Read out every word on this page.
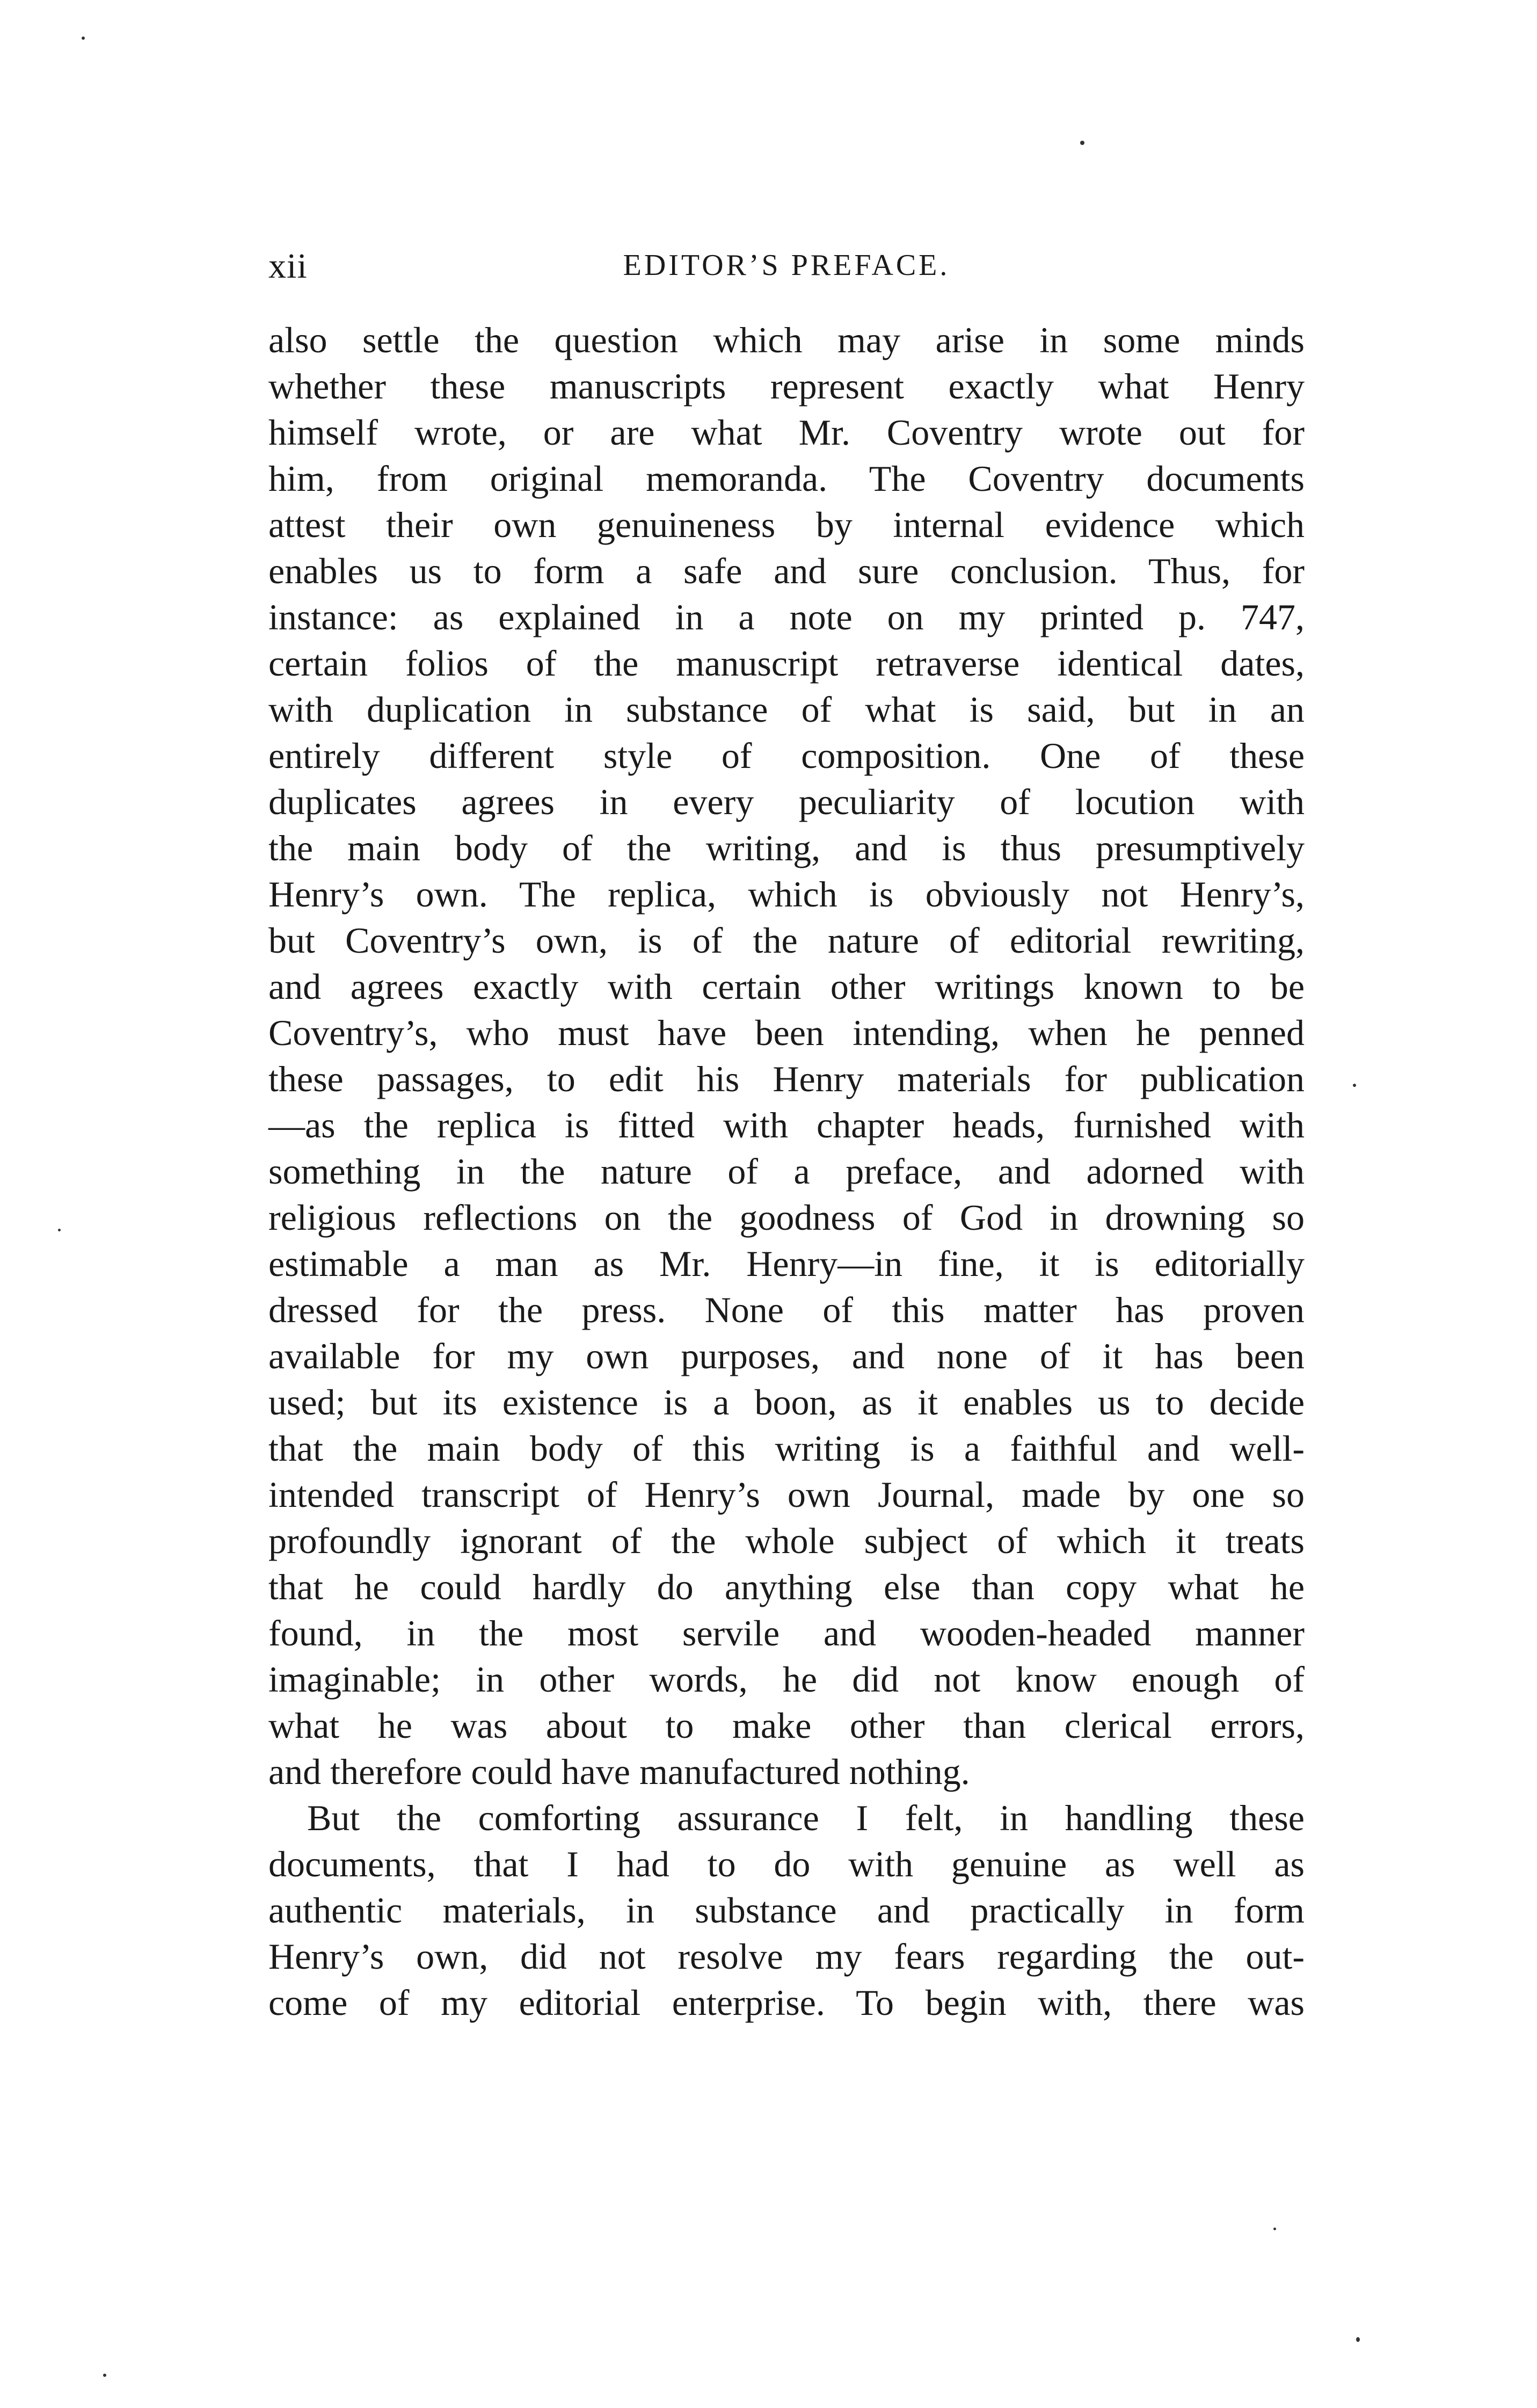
xii	EDITOR’S PREFACE.
also settle the question which may arise in some minds
whether these manuscripts represent exactly what Henry
himself wrote, or are what Mr. Coventry wrote out for
him, from original memoranda. The Coventry documents
attest their own genuineness by internal evidence which
enables us to form a safe and sure conclusion. Thus, for
instance: as explained in a note on my printed p. 747,
certain folios of the manuscript retraverse identical dates,
with duplication in substance of what is said, but in an
entirely different style of composition. One of these
duplicates agrees in every peculiarity of locution with
the main body of the writing, and is thus presumptively
Henry’s own. The replica, which is obviously not Henry’s,
but Coventry’s own, is of the nature of editorial rewriting,
and agrees exactly with certain other writings known to be
Coventry’s, who must have been intending, when he penned
these passages, to edit his Henry materials for publication
—as the replica is fitted with chapter heads, furnished with
something in the nature of a preface, and adorned with
religious reflections on the goodness of God in drowning so
estimable a man as Mr. Henry—in fine, it is editorially
dressed for the press. None of this matter has proven
available for my own purposes, and none of it has been
used; but its existence is a boon, as it enables us to decide
that the main body of this writing is a faithful and well-
intended transcript of Henry’s own Journal, made by one so
profoundly ignorant of the whole subject of which it treats
that he could hardly do anything else than copy what he
found, in the most servile and wooden-headed manner
imaginable; in other words, he did not know enough of
what he was about to make other than clerical errors,
and therefore could have manufactured nothing.
But the comforting assurance I felt, in handling these
documents, that I had to do with genuine as well as
authentic materials, in substance and practically in form
Henry’s own, did not resolve my fears regarding the out-
come of my editorial enterprise. To begin with, there was
